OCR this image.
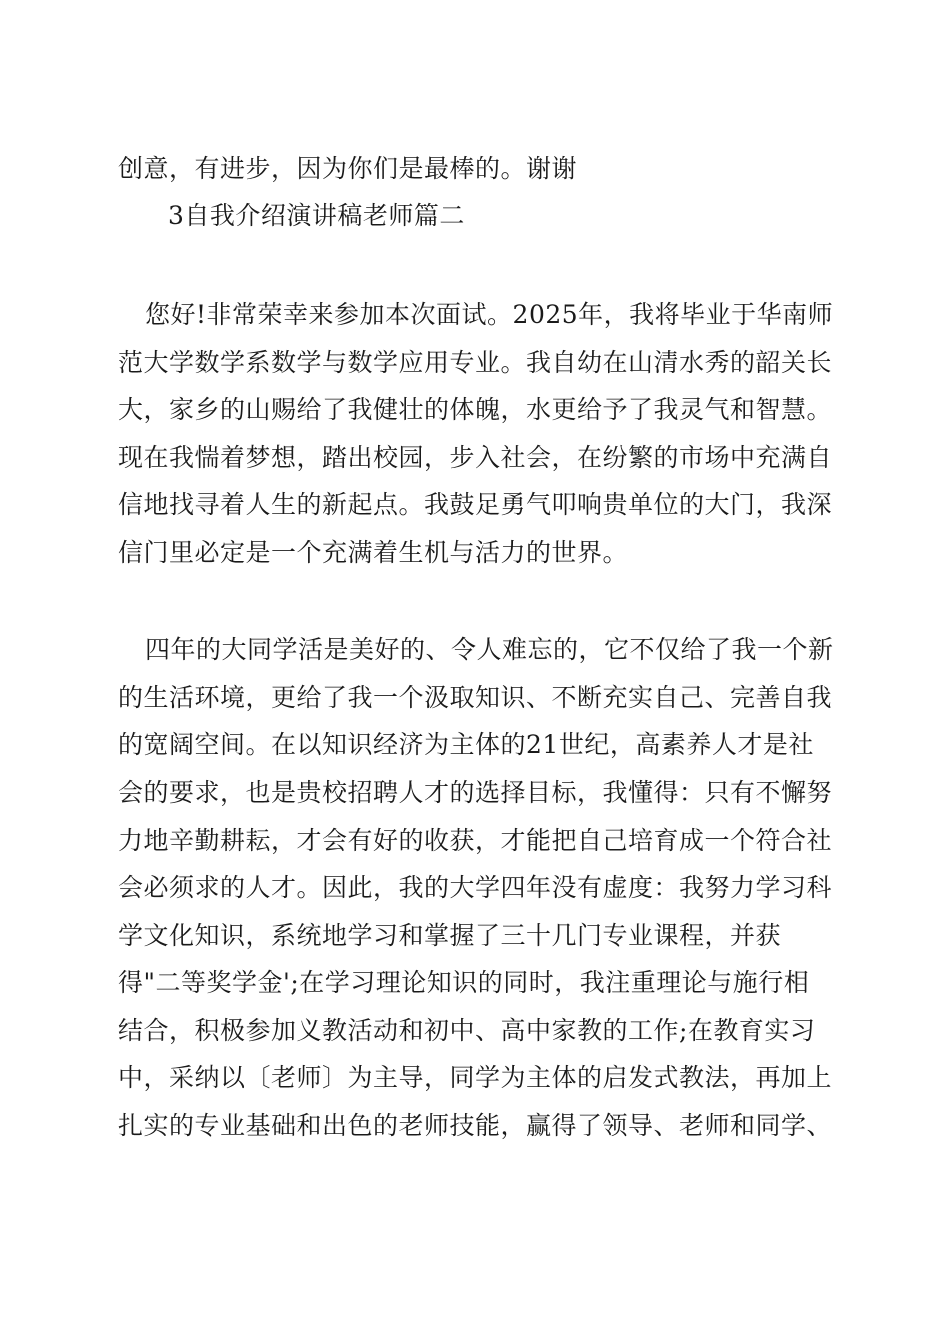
创意，有进步，因为你们是最棒的。谢谢
3自我介绍演讲稿老师篇二
您好!非常荣幸来参加本次面试。2025年，我将毕业于华南师
范大学数学系数学与数学应用专业。我自幼在山清水秀的韶关长
大，家乡的山赐给了我健壮的体魄，水更给予了我灵气和智慧。
现在我惴着梦想，踏出校园，步入社会，在纷繁的市场中充满自
信地找寻着人生的新起点。我鼓足勇气叩响贵单位的大门，我深
信门里必定是一个充满着生机与活力的世界。
四年的大同学活是美好的、令人难忘的，它不仅给了我一个新
的生活环境，更给了我一个汲取知识、不断充实自己、完善自我
的宽阔空间。在以知识经济为主体的21世纪，高素养人才是社
会的要求，也是贵校招聘人才的选择目标，我懂得：只有不懈努
力地辛勤耕耘，才会有好的收获，才能把自己培育成一个符合社
会必须求的人才。因此，我的大学四年没有虚度：我努力学习科
学文化知识，系统地学习和掌握了三十几门专业课程，并获
得"二等奖学金';在学习理论知识的同时，我注重理论与施行相
结合，积极参加义教活动和初中、高中家教的工作;在教育实习
中，采纳以〔老师〕为主导，同学为主体的启发式教法，再加上
扎实的专业基础和出色的老师技能，赢得了领导、老师和同学、
